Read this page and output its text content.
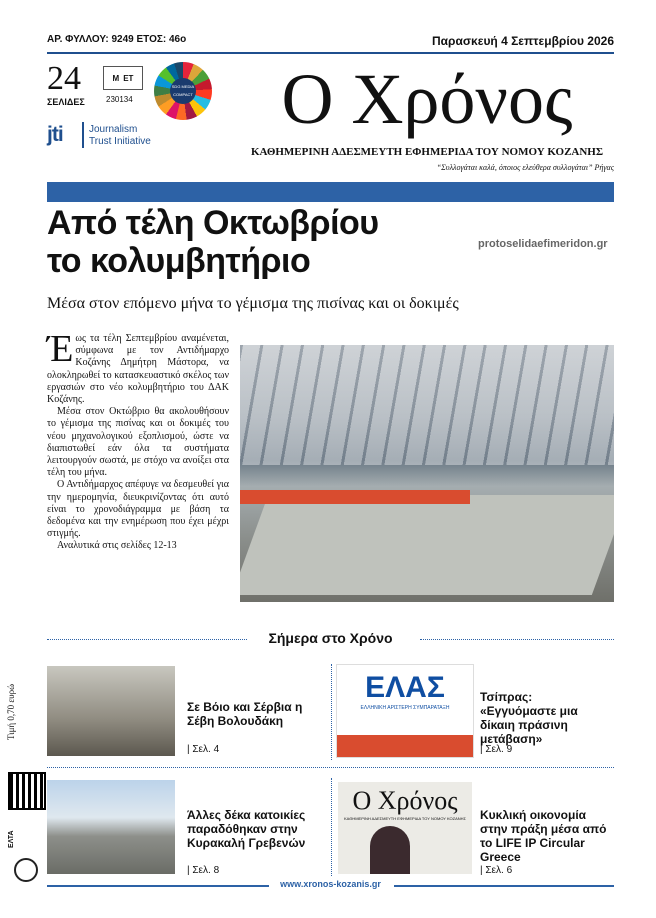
ΑΡ. ΦΥΛΛΟΥ: 9249 ΕΤΟΣ: 46ο	Παρασκευή 4 Σεπτεμβρίου 2026
24
ΣΕΛΙΔΕΣ
Μ ΕΤ
230134
SDG MEDIA COMPACT
jti	Journalism
Trust Initiative
Ο Χρόνος
ΚΑΘΗΜΕΡΙΝΗ ΑΔΕΣΜΕΥΤΗ ΕΦΗΜΕΡΙΔΑ ΤΟΥ ΝΟΜΟΥ ΚΟΖΑΝΗΣ
“Συλλογάται καλά, όποιος ελεύθερα συλλογάται” Ρήγας
Από τέλη Οκτωβρίου
το κολυμβητήριο	protoselidaefimeridon.gr
Μέσα στον επόμενο μήνα το γέμισμα της πισίνας και οι δοκιμές

Έως τα τέλη Σεπτεμβρίου αναμένεται, σύμφωνα με τον Αντιδήμαρχο Κοζάνης Δημήτρη Μάστορα, να ολοκληρωθεί το κατασκευαστικό σκέλος των εργασιών στο νέο κολυμβητήριο του ΔΑΚ Κοζάνης.

Μέσα στον Οκτώβριο θα ακολουθήσουν το γέμισμα της πισίνας και οι δοκιμές του νέου μηχανολογικού εξοπλισμού, ώστε να διαπιστωθεί εάν όλα τα συστήματα λειτουργούν σωστά, με στόχο να ανοίξει στα τέλη του μήνα.

Ο Αντιδήμαρχος απέφυγε να δεσμευθεί για την ημερομηνία, διευκρινίζοντας ότι αυτό είναι το χρονοδιάγραμμα με βάση τα δεδομένα και την ενημέρωση που έχει μέχρι στιγμής.

Αναλυτικά στις σελίδες 12-13

Σήμερα στο Χρόνο
Σε Βόιο και Σέρβια η Σέβη Βολουδάκη
| Σελ. 4
ΕΛΑΣ
ΕΛΛΗΝΙΚΗ ΑΡΙΣΤΕΡΗ ΣΥΜΠΑΡΑΤΑΞΗ
Τσίπρας: «Εγγυόμαστε μια δίκαιη πράσινη μετάβαση»
| Σελ. 9
Άλλες δέκα κατοικίες παραδόθηκαν στην Κυρακαλή Γρεβενών
| Σελ. 8
Ο Χρόνος
ΚΑΘΗΜΕΡΙΝΗ ΑΔΕΣΜΕΥΤΗ ΕΦΗΜΕΡΙΔΑ ΤΟΥ ΝΟΜΟΥ ΚΟΖΑΝΗΣ	Κυκλική οικονομία στην πράξη μέσα από το LIFE IP Circular Greece
| Σελ. 6
Τιμή 0,70 ευρώ
ΕΛΤΑ
www.xronos-kozanis.gr
